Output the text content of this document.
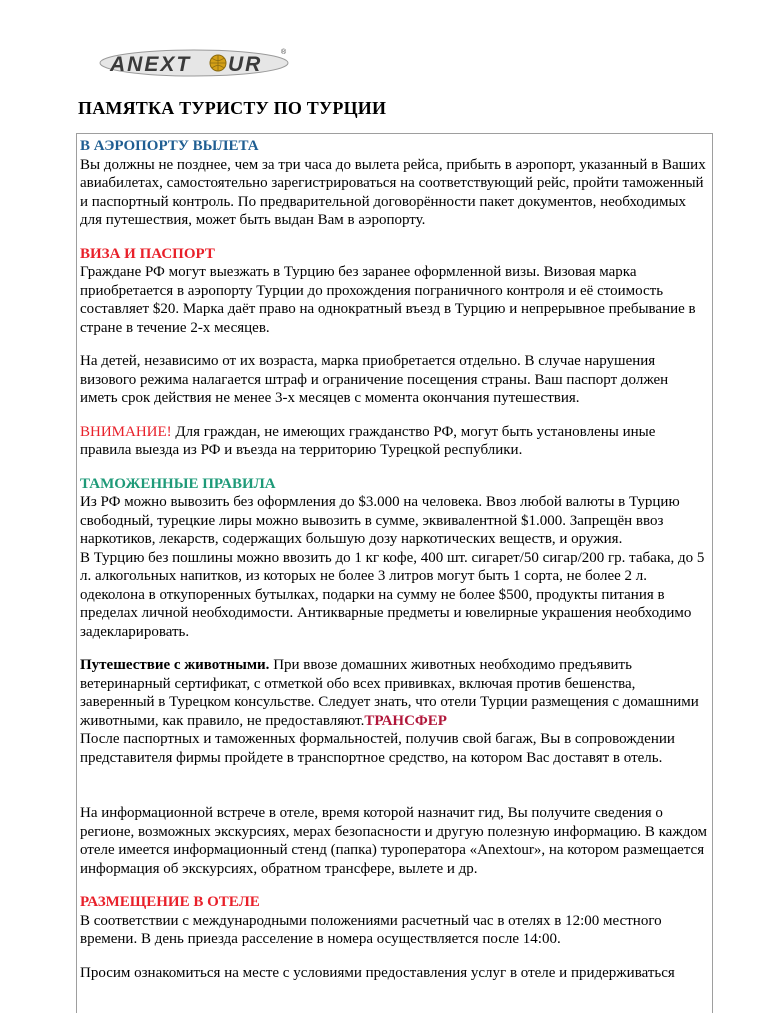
ANEXT UR
®
ПАМЯТКА ТУРИСТУ ПО ТУРЦИИ

В АЭРОПОРТУ ВЫЛЕТА
Вы должны не позднее, чем за три часа до вылета рейса, прибыть в аэропорт, указанный в Ваших авиабилетах, самостоятельно зарегистрироваться на соответствующий рейс, пройти таможенный и паспортный контроль. По предварительной договорённости пакет документов, необходимых для путешествия, может быть выдан Вам в аэропорту.

ВИЗА И ПАСПОРТ
Граждане РФ могут выезжать в Турцию без заранее оформленной визы. Визовая марка приобретается в аэропорту Турции до прохождения пограничного контроля и её стоимость составляет $20. Марка даёт право на однократный въезд в Турцию и непрерывное пребывание в стране в течение 2-х месяцев.

На детей, независимо от их возраста, марка приобретается отдельно. В случае нарушения визового режима налагается штраф и ограничение посещения страны. Ваш паспорт должен иметь срок действия не менее 3-х месяцев с момента окончания путешествия.

ВНИМАНИЕ! Для граждан, не имеющих гражданство РФ, могут быть установлены иные правила выезда из РФ и въезда на территорию Турецкой республики.

ТАМОЖЕННЫЕ ПРАВИЛА
Из РФ можно вывозить без оформления до $3.000 на человека. Ввоз любой валюты в Турцию свободный, турецкие лиры можно вывозить в сумме, эквивалентной $1.000. Запрещён ввоз наркотиков, лекарств, содержащих большую дозу наркотических веществ, и оружия.

В Турцию без пошлины можно ввозить до 1 кг кофе, 400 шт. сигарет/50 сигар/200 гр. табака, до 5 л. алкогольных напитков, из которых не более 3 литров могут быть 1 сорта, не более 2 л. одеколона в откупоренных бутылках, подарки на сумму не более $500, продукты питания в пределах личной необходимости. Антикварные предметы и ювелирные украшения необходимо задекларировать.

Путешествие с животными. При ввозе домашних животных необходимо предъявить ветеринарный сертификат, с отметкой обо всех прививках, включая против бешенства, заверенный в Турецком консульстве. Следует знать, что отели Турции размещения с домашними животными, как правило, не предоставляют.ТРАНСФЕР

После паспортных и таможенных формальностей, получив свой багаж, Вы в сопровождении представителя фирмы пройдете в транспортное средство, на котором Вас доставят в отель.

На информационной встрече в отеле, время которой назначит гид, Вы получите сведения о регионе, возможных экскурсиях, мерах безопасности и другую полезную информацию. В каждом отеле имеется информационный стенд (папка) туроператора «Anextour», на котором размещается информация об экскурсиях, обратном трансфере, вылете и др.

РАЗМЕЩЕНИЕ В ОТЕЛЕ
В соответствии с международными положениями расчетный час в отелях в 12:00 местного времени. В день приезда расселение в номера осуществляется после 14:00.

Просим ознакомиться на месте с условиями предоставления услуг в отеле и придерживаться
